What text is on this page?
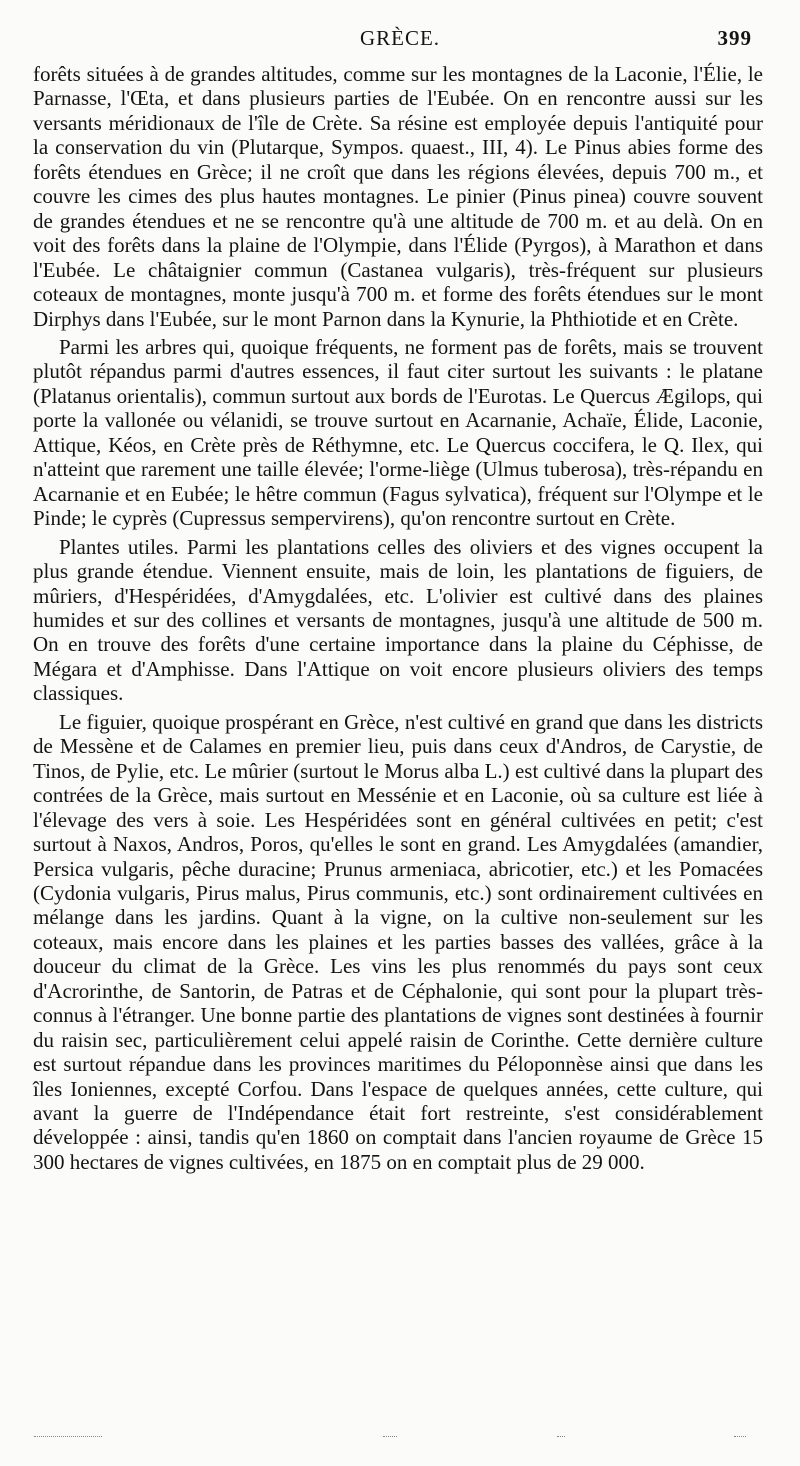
GRÈCE.	399

forêts situées à de grandes altitudes, comme sur les montagnes de la Laconie, l'Élie, le Parnasse, l'Œta, et dans plusieurs parties de l'Eubée. On en rencontre aussi sur les versants méridionaux de l'île de Crète. Sa résine est employée depuis l'antiquité pour la conservation du vin (Plutarque, Sympos. quaest., III, 4). Le Pinus abies forme des forêts étendues en Grèce; il ne croît que dans les régions élevées, depuis 700 m., et couvre les cimes des plus hautes montagnes. Le pinier (Pinus pinea) couvre souvent de grandes étendues et ne se rencontre qu'à une altitude de 700 m. et au delà. On en voit des forêts dans la plaine de l'Olympie, dans l'Élide (Pyrgos), à Marathon et dans l'Eubée. Le châtaignier commun (Castanea vulgaris), très-fréquent sur plusieurs coteaux de montagnes, monte jusqu'à 700 m. et forme des forêts étendues sur le mont Dirphys dans l'Eubée, sur le mont Parnon dans la Kynurie, la Phthiotide et en Crète.

Parmi les arbres qui, quoique fréquents, ne forment pas de forêts, mais se trouvent plutôt répandus parmi d'autres essences, il faut citer surtout les suivants : le platane (Platanus orientalis), commun surtout aux bords de l'Eurotas. Le Quercus Ægilops, qui porte la vallonée ou vélanidi, se trouve surtout en Acarnanie, Achaïe, Élide, Laconie, Attique, Kéos, en Crète près de Réthymne, etc. Le Quercus coccifera, le Q. Ilex, qui n'atteint que rarement une taille élevée; l'orme-liège (Ulmus tuberosa), très-répandu en Acarnanie et en Eubée; le hêtre commun (Fagus sylvatica), fréquent sur l'Olympe et le Pinde; le cyprès (Cupressus sempervirens), qu'on rencontre surtout en Crète.

Plantes utiles. Parmi les plantations celles des oliviers et des vignes occupent la plus grande étendue. Viennent ensuite, mais de loin, les plantations de figuiers, de mûriers, d'Hespéridées, d'Amygdalées, etc. L'olivier est cultivé dans des plaines humides et sur des collines et versants de montagnes, jusqu'à une altitude de 500 m. On en trouve des forêts d'une certaine importance dans la plaine du Céphisse, de Mégara et d'Amphisse. Dans l'Attique on voit encore plusieurs oliviers des temps classiques.

Le figuier, quoique prospérant en Grèce, n'est cultivé en grand que dans les districts de Messène et de Calames en premier lieu, puis dans ceux d'Andros, de Carystie, de Tinos, de Pylie, etc. Le mûrier (surtout le Morus alba L.) est cultivé dans la plupart des contrées de la Grèce, mais surtout en Messénie et en Laconie, où sa culture est liée à l'élevage des vers à soie. Les Hespéridées sont en général cultivées en petit; c'est surtout à Naxos, Andros, Poros, qu'elles le sont en grand. Les Amygdalées (amandier, Persica vulgaris, pêche duracine; Prunus armeniaca, abricotier, etc.) et les Pomacées (Cydonia vulgaris, Pirus malus, Pirus communis, etc.) sont ordinairement cultivées en mélange dans les jardins. Quant à la vigne, on la cultive non-seulement sur les coteaux, mais encore dans les plaines et les parties basses des vallées, grâce à la douceur du climat de la Grèce. Les vins les plus renommés du pays sont ceux d'Acrorinthe, de Santorin, de Patras et de Céphalonie, qui sont pour la plupart très-connus à l'étranger. Une bonne partie des plantations de vignes sont destinées à fournir du raisin sec, particulièrement celui appelé raisin de Corinthe. Cette dernière culture est surtout répandue dans les provinces maritimes du Péloponnèse ainsi que dans les îles Ioniennes, excepté Corfou. Dans l'espace de quelques années, cette culture, qui avant la guerre de l'Indépendance était fort restreinte, s'est considérablement développée : ainsi, tandis qu'en 1860 on comptait dans l'ancien royaume de Grèce 15 300 hectares de vignes cultivées, en 1875 on en comptait plus de 29 000.
